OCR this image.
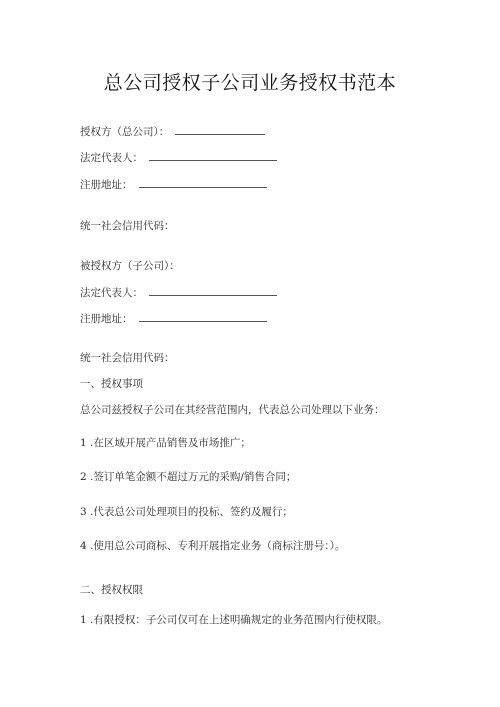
总公司授权子公司业务授权书范本
授权方（总公司）：
法定代表人：
注册地址：
统一社会信用代码：
被授权方（子公司）：
法定代表人：
注册地址：
统一社会信用代码：
一、授权事项
总公司兹授权子公司在其经营范围内，代表总公司处理以下业务：
1 .在区域开展产品销售及市场推广；
2 .签订单笔金额不超过万元的采购/销售合同；
3 .代表总公司处理项目的投标、签约及履行；
4 .使用总公司商标、专利开展指定业务（商标注册号：）。
二、授权权限
1 .有限授权：子公司仅可在上述明确规定的业务范围内行使权限。
